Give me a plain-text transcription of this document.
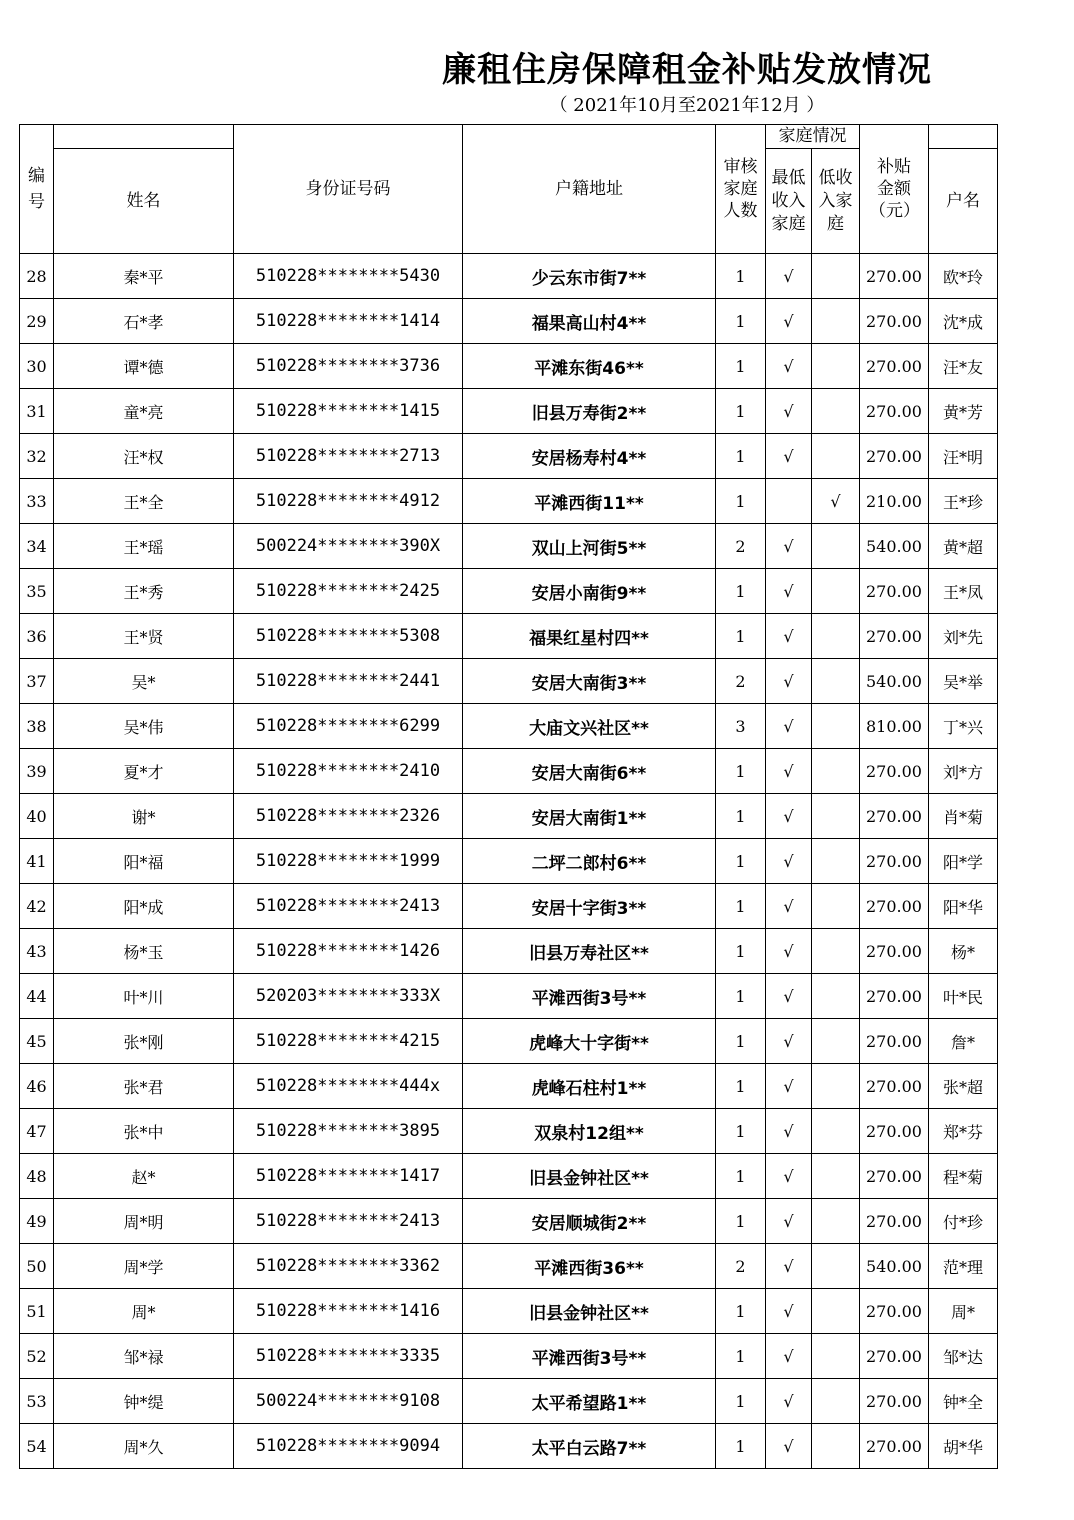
廉租住房保障租金补贴发放情况
（ 2021年10月至2021年12月 ）
编号		身份证号码	户籍地址	审核家庭人数	家庭情况		补贴金额（元）	
	姓名				最低收入家庭	低收入家庭		户名

28	秦*平	510228********5430	少云东市街7**	1	√		270.00	欧*玲
29	石*孝	510228********1414	福果高山村4**	1	√		270.00	沈*成
30	谭*德	510228********3736	平滩东街46**	1	√		270.00	汪*友
31	童*亮	510228********1415	旧县万寿街2**	1	√		270.00	黄*芳
32	汪*权	510228********2713	安居杨寿村4**	1	√		270.00	汪*明
33	王*全	510228********4912	平滩西街11**	1		√	210.00	王*珍
34	王*瑶	500224********390X	双山上河街5**	2	√		540.00	黄*超
35	王*秀	510228********2425	安居小南街9**	1	√		270.00	王*凤
36	王*贤	510228********5308	福果红星村四**	1	√		270.00	刘*先
37	吴*	510228********2441	安居大南街3**	2	√		540.00	吴*举
38	吴*伟	510228********6299	大庙文兴社区**	3	√		810.00	丁*兴
39	夏*才	510228********2410	安居大南街6**	1	√		270.00	刘*方
40	谢*	510228********2326	安居大南街1**	1	√		270.00	肖*菊
41	阳*福	510228********1999	二坪二郎村6**	1	√		270.00	阳*学
42	阳*成	510228********2413	安居十字街3**	1	√		270.00	阳*华
43	杨*玉	510228********1426	旧县万寿社区**	1	√		270.00	杨*
44	叶*川	520203********333X	平滩西街3号**	1	√		270.00	叶*民
45	张*刚	510228********4215	虎峰大十字街**	1	√		270.00	詹*
46	张*君	510228********444x	虎峰石柱村1**	1	√		270.00	张*超
47	张*中	510228********3895	双泉村12组**	1	√		270.00	郑*芬
48	赵*	510228********1417	旧县金钟社区**	1	√		270.00	程*菊
49	周*明	510228********2413	安居顺城街2**	1	√		270.00	付*珍
50	周*学	510228********3362	平滩西街36**	2	√		540.00	范*理
51	周*	510228********1416	旧县金钟社区**	1	√		270.00	周*
52	邹*禄	510228********3335	平滩西街3号**	1	√		270.00	邹*达
53	钟*缇	500224********9108	太平希望路1**	1	√		270.00	钟*全
54	周*久	510228********9094	太平白云路7**	1	√		270.00	胡*华
